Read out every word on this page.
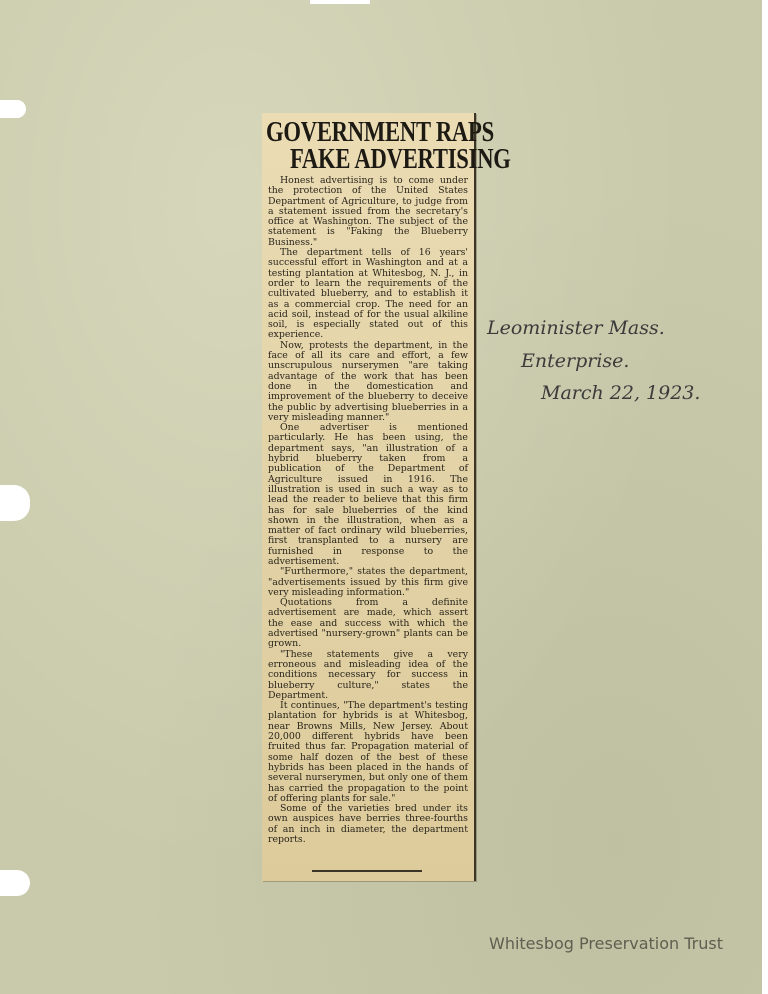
GOVERNMENT RAPS
FAKE ADVERTISING

Honest advertising is to come under the protection of the United States Department of Agriculture, to judge from a statement issued from the secretary's office at Washington. The subject of the statement is "Faking the Blueberry Business."

The department tells of 16 years' successful effort in Washington and at a testing plantation at Whitesbog, N. J., in order to learn the requirements of the cultivated blueberry, and to establish it as a commercial crop. The need for an acid soil, instead of for the usual alkiline soil, is especially stated out of this experience.

Now, protests the department, in the face of all its care and effort, a few unscrupulous nurserymen "are taking advantage of the work that has been done in the domestication and improvement of the blueberry to deceive the public by advertising blueberries in a very misleading manner."

One advertiser is mentioned particularly. He has been using, the department says, "an illustration of a hybrid blueberry taken from a publication of the Department of Agriculture issued in 1916. The illustration is used in such a way as to lead the reader to believe that this firm has for sale blueberries of the kind shown in the illustration, when as a matter of fact ordinary wild blueberries, first transplanted to a nursery are furnished in response to the advertisement.

"Furthermore," states the department, "advertisements issued by this firm give very misleading information."

Quotations from a definite advertisement are made, which assert the ease and success with which the advertised "nursery-grown" plants can be grown.

"These statements give a very erroneous and misleading idea of the conditions necessary for success in blueberry culture," states the Department.

It continues, "The department's testing plantation for hybrids is at Whitesbog, near Browns Mills, New Jersey. About 20,000 different hybrids have been fruited thus far. Propagation material of some half dozen of the best of these hybrids has been placed in the hands of several nurserymen, but only one of them has carried the propagation to the point of offering plants for sale."

Some of the varieties bred under its own auspices have berries three-fourths of an inch in diameter, the department reports.

Leominister Mass.
Enterprise.
March 22, 1923.
Whitesbog Preservation Trust
